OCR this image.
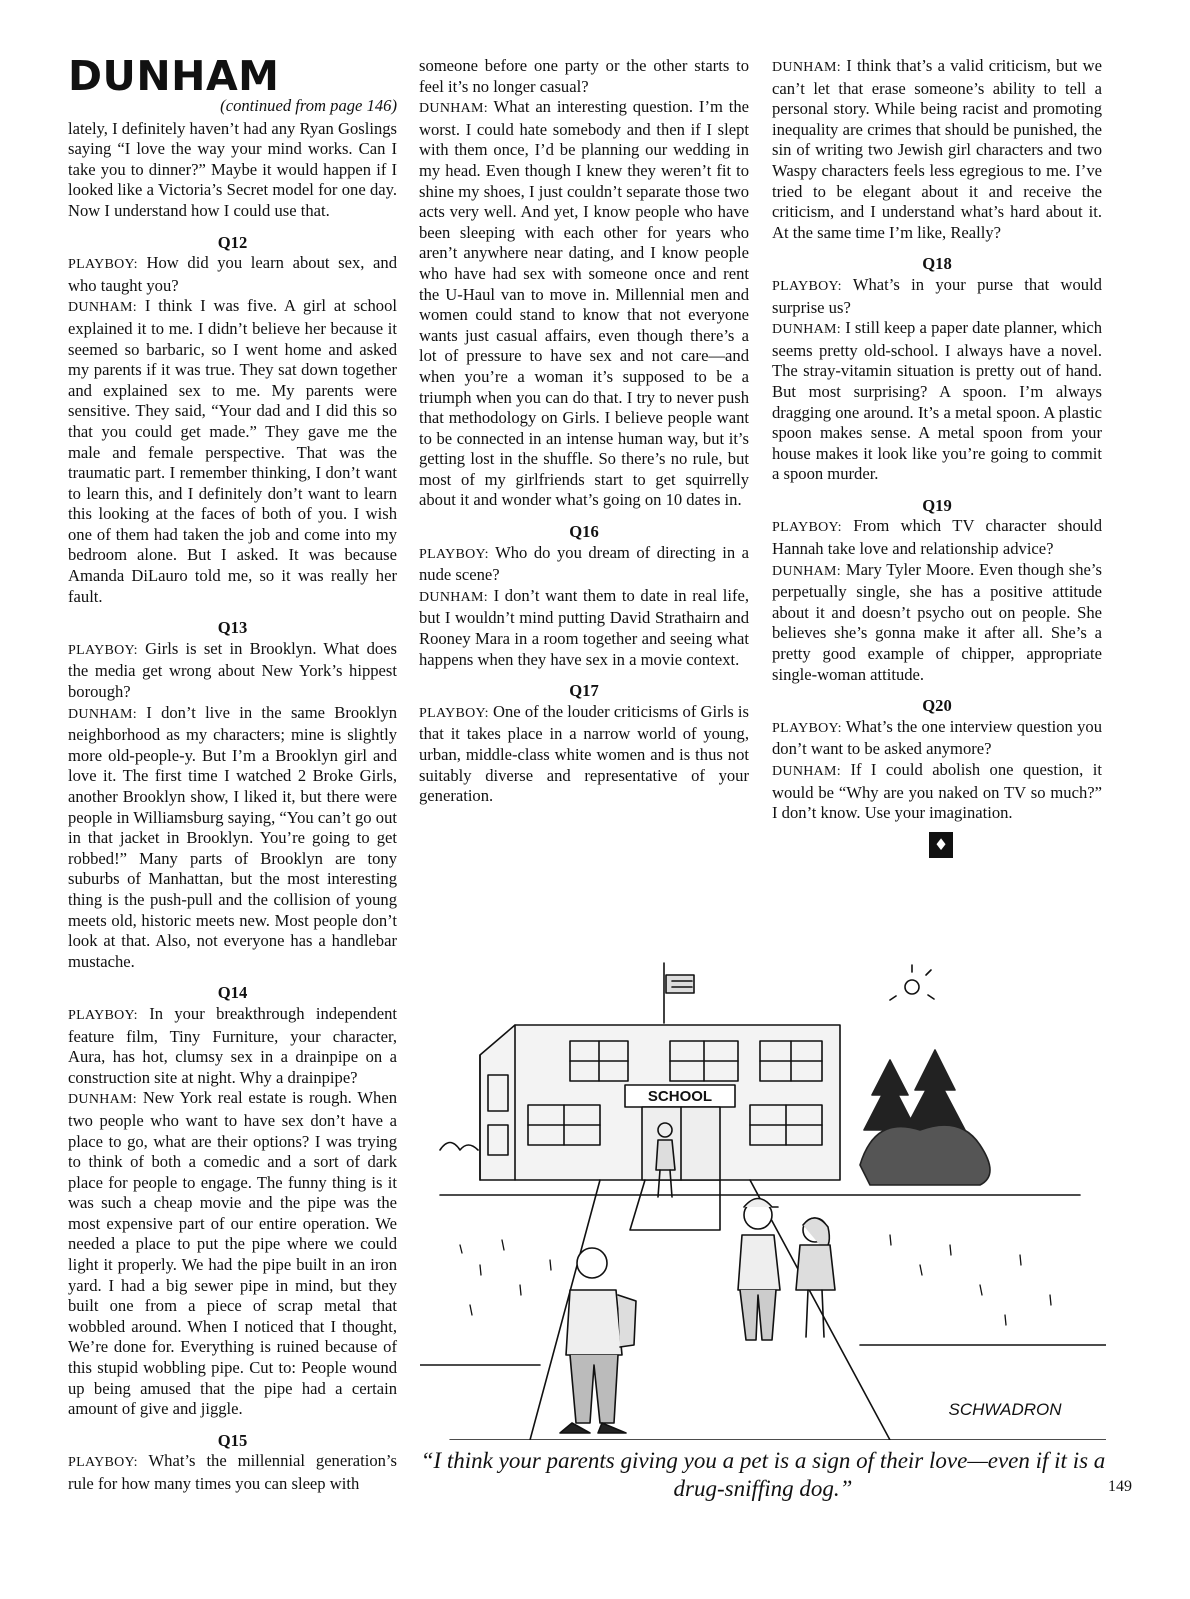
DUNHAM

(continued from page 146)

lately, I definitely haven’t had any Ryan Goslings saying “I love the way your mind works. Can I take you to dinner?” Maybe it would happen if I looked like a Victoria’s Secret model for one day. Now I understand how I could use that.

Q12

PLAYBOY: How did you learn about sex, and who taught you?

DUNHAM: I think I was five. A girl at school explained it to me. I didn’t believe her because it seemed so barbaric, so I went home and asked my parents if it was true. They sat down together and explained sex to me. My parents were sensitive. They said, “Your dad and I did this so that you could get made.” They gave me the male and female perspective. That was the traumatic part. I remember thinking, I don’t want to learn this, and I definitely don’t want to learn this looking at the faces of both of you. I wish one of them had taken the job and come into my bedroom alone. But I asked. It was because Amanda DiLauro told me, so it was really her fault.

Q13

PLAYBOY: Girls is set in Brooklyn. What does the media get wrong about New York’s hippest borough?

DUNHAM: I don’t live in the same Brooklyn neighborhood as my characters; mine is slightly more old-people-y. But I’m a Brooklyn girl and love it. The first time I watched 2 Broke Girls, another Brooklyn show, I liked it, but there were people in Williamsburg saying, “You can’t go out in that jacket in Brooklyn. You’re going to get robbed!” Many parts of Brooklyn are tony suburbs of Manhattan, but the most interesting thing is the push-pull and the collision of young meets old, historic meets new. Most people don’t look at that. Also, not everyone has a handlebar mustache.

Q14

PLAYBOY: In your breakthrough independent feature film, Tiny Furniture, your character, Aura, has hot, clumsy sex in a drainpipe on a construction site at night. Why a drainpipe?

DUNHAM: New York real estate is rough. When two people who want to have sex don’t have a place to go, what are their options? I was trying to think of both a comedic and a sort of dark place for people to engage. The funny thing is it was such a cheap movie and the pipe was the most expensive part of our entire operation. We needed a place to put the pipe where we could light it properly. We had the pipe built in an iron yard. I had a big sewer pipe in mind, but they built one from a piece of scrap metal that wobbled around. When I noticed that I thought, We’re done for. Everything is ruined because of this stupid wobbling pipe. Cut to: People wound up being amused that the pipe had a certain amount of give and jiggle.

Q15

PLAYBOY: What’s the millennial generation’s rule for how many times you can sleep with

someone before one party or the other starts to feel it’s no longer casual?

DUNHAM: What an interesting question. I’m the worst. I could hate somebody and then if I slept with them once, I’d be planning our wedding in my head. Even though I knew they weren’t fit to shine my shoes, I just couldn’t separate those two acts very well. And yet, I know people who have been sleeping with each other for years who aren’t anywhere near dating, and I know people who have had sex with someone once and rent the U-Haul van to move in. Millennial men and women could stand to know that not everyone wants just casual affairs, even though there’s a lot of pressure to have sex and not care—and when you’re a woman it’s supposed to be a triumph when you can do that. I try to never push that methodology on Girls. I believe people want to be connected in an intense human way, but it’s getting lost in the shuffle. So there’s no rule, but most of my girlfriends start to get squirrelly about it and wonder what’s going on 10 dates in.

Q16

PLAYBOY: Who do you dream of directing in a nude scene?

DUNHAM: I don’t want them to date in real life, but I wouldn’t mind putting David Strathairn and Rooney Mara in a room together and seeing what happens when they have sex in a movie context.

Q17

PLAYBOY: One of the louder criticisms of Girls is that it takes place in a narrow world of young, urban, middle-class white women and is thus not suitably diverse and representative of your generation.

DUNHAM: I think that’s a valid criticism, but we can’t let that erase someone’s ability to tell a personal story. While being racist and promoting inequality are crimes that should be punished, the sin of writing two Jewish girl characters and two Waspy characters feels less egregious to me. I’ve tried to be elegant about it and receive the criticism, and I understand what’s hard about it. At the same time I’m like, Really?

Q18

PLAYBOY: What’s in your purse that would surprise us?

DUNHAM: I still keep a paper date planner, which seems pretty old-school. I always have a novel. The stray-vitamin situation is pretty out of hand. But most surprising? A spoon. I’m always dragging one around. It’s a metal spoon. A plastic spoon makes sense. A metal spoon from your house makes it look like you’re going to commit a spoon murder.

Q19

PLAYBOY: From which TV character should Hannah take love and relationship advice?

DUNHAM: Mary Tyler Moore. Even though she’s perpetually single, she has a positive attitude about it and doesn’t psycho out on people. She believes she’s gonna make it after all. She’s a pretty good example of chipper, appropriate single-woman attitude.

Q20

PLAYBOY: What’s the one interview question you don’t want to be asked anymore?

DUNHAM: If I could abolish one question, it would be “Why are you naked on TV so much?” I don’t know. Use your imagination.

♦
SCHOOL
SCHWADRON

“I think your parents giving you a pet is a sign of their love—even if it is a drug-sniffing dog.”	149
